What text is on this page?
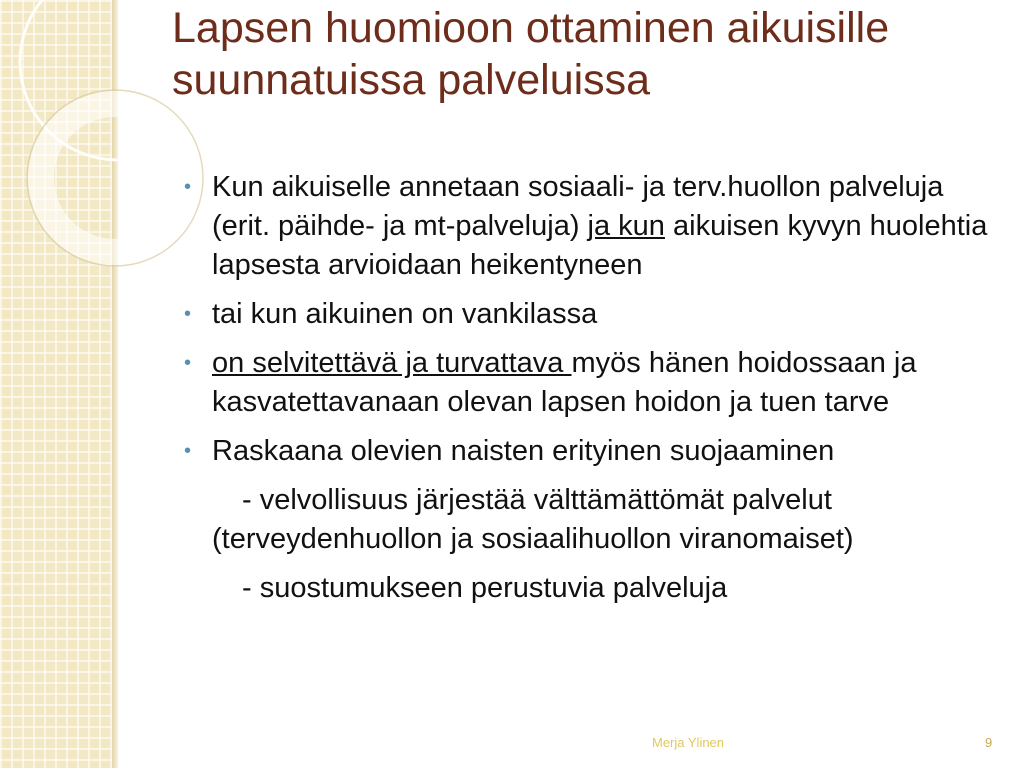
Lapsen huomioon ottaminen aikuisille suunnatuissa palveluissa
• Kun aikuiselle annetaan sosiaali- ja terv.huollon palveluja (erit. päihde- ja mt-palveluja) ja kun aikuisen kyvyn huolehtia lapsesta arvioidaan heikentyneen
• tai kun aikuinen on vankilassa
• on selvitettävä ja turvattava myös hänen hoidossaan ja kasvatettavanaan olevan lapsen hoidon ja tuen tarve
• Raskaana olevien naisten erityinen suojaaminen
- velvollisuus järjestää välttämättömät palvelut (terveydenhuollon ja sosiaalihuollon viranomaiset)
- suostumukseen perustuvia palveluja
Merja Ylinen	9
